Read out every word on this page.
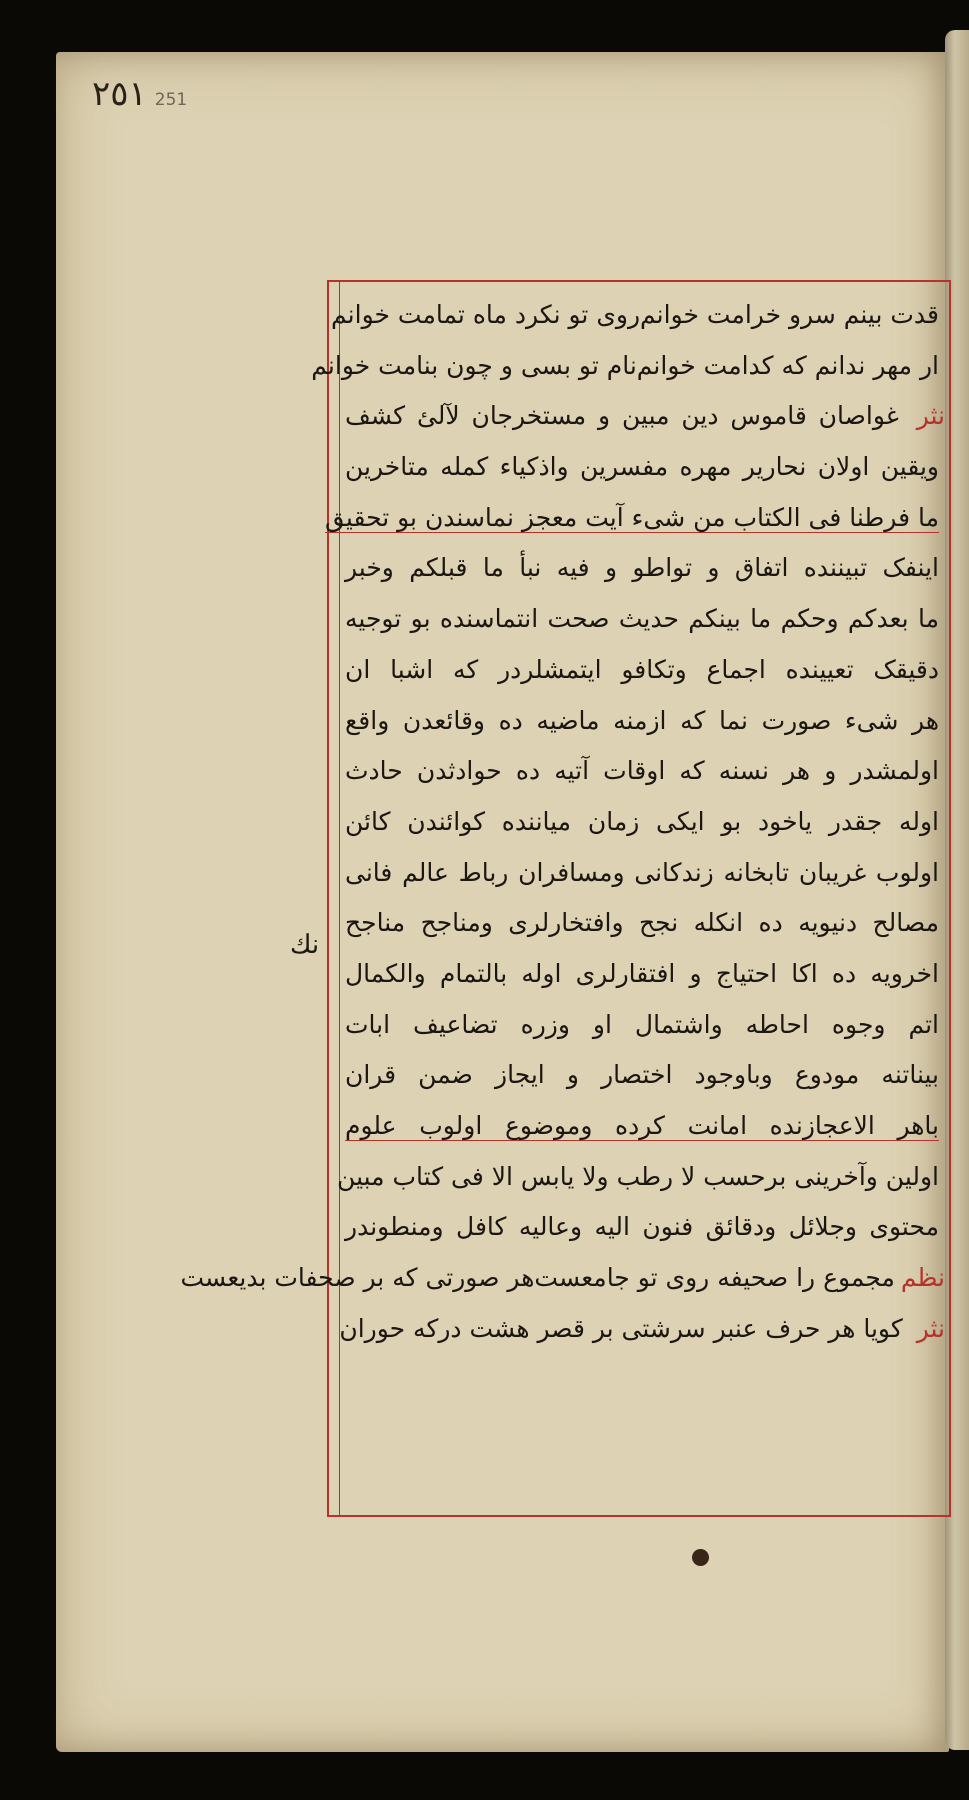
٢٥١ 251
نك
قدت بینم سرو خرامت خوانم
روی تو نکرد ماه تمامت خوانم
ار مهر ندانم که کدامت خوانم
نام تو بسی و چون بنامت خوانم
نثر غواصان قاموس دین مبین و مستخرجان لآلئ کشف
ویقین اولان نحاریر مهره مفسرین واذکیاء کمله متاخرین
ما فرطنا فی الکتاب من شیء آیت معجز نماسندن بو تحقیق
اینفک تبیننده اتفاق و تواطو و فیه نبأ ما قبلکم وخبر
ما بعدکم وحکم ما بینکم حدیث صحت انتماسنده بو توجیه
دقیقک تعیینده اجماع وتکافو ایتمشلردر که اشبا ان
هر شیء صورت نما که ازمنه ماضیه ده وقائعدن واقع
اولمشدر و هر نسنه که اوقات آتیه ده حوادثدن حادث
اوله جقدر یاخود بو ایکی زمان میاننده کوائندن کائن
اولوب غریبان تابخانه زندکانی ومسافران رباط عالم فانی
مصالح دنیویه ده انکله نجح وافتخارلری ومناجح مناجح
اخرویه ده اکا احتیاج و افتقارلری اوله بالتمام والکمال
اتم وجوه احاطه واشتمال او وزره تضاعیف ابات
بیناتنه مودوع وباوجود اختصار و ایجاز ضمن قران
باهر الاعجازنده امانت کرده وموضوع اولوب علوم
اولین وآخرینی برحسب لا رطب ولا یابس الا فی کتاب مبین
محتوی وجلائل ودقائق فنون الیه وعالیه کافل ومنطوندر
نظم
مجموع را صحیفه روی تو جامعست
هر صورتی که بر صحفات بدیعست
نثر کویا هر حرف عنبر سرشتی بر قصر هشت درکه حوران
